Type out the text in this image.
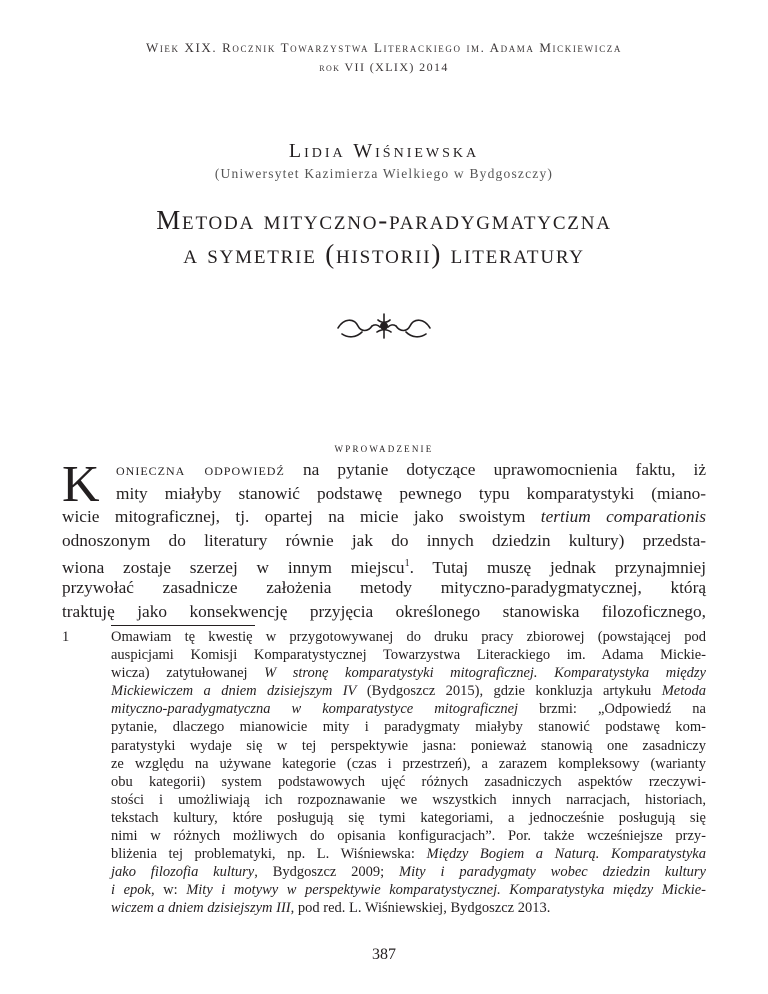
Wiek XIX. Rocznik Towarzystwa Literackiego im. Adama Mickiewicza
rok VII (XLIX) 2014
Lidia Wiśniewska
(Uniwersytet Kazimierza Wielkiego w Bydgoszczy)
Metoda mityczno-paradygmatyczna
a symetrie (historii) literatury
wprowadzenie
K onieczna odpowiedź na pytanie dotyczące uprawomocnienia faktu, iż
mity miałyby stanowić podstawę pewnego typu komparatystyki (miano-
wicie mitograficznej, tj. opartej na micie jako swoistym tertium comparationis
odnoszonym do literatury równie jak do innych dziedzin kultury) przedsta-
wiona zostaje szerzej w innym miejscu$^1$. Tutaj muszę jednak przynajmniej
przywołać zasadnicze założenia metody mityczno-paradygmatycznej, którą
traktuję jako konsekwencję przyjęcia określonego stanowiska filozoficznego,
1	Omawiam tę kwestię w przygotowywanej do druku pracy zbiorowej (powstającej pod
auspicjami Komisji Komparatystycznej Towarzystwa Literackiego im. Adama Mickie-
wicza) zatytułowanej W stronę komparatystyki mitograficznej. Komparatystyka między
Mickiewiczem a dniem dzisiejszym IV (Bydgoszcz 2015), gdzie konkluzja artykułu Metoda
mityczno-paradygmatyczna w komparatystyce mitograficznej brzmi: „Odpowiedź na
pytanie, dlaczego mianowicie mity i paradygmaty miałyby stanowić podstawę kom-
paratystyki wydaje się w tej perspektywie jasna: ponieważ stanowią one zasadniczy
ze względu na używane kategorie (czas i przestrzeń), a zarazem kompleksowy (warianty
obu kategorii) system podstawowych ujęć różnych zasadniczych aspektów rzeczywi-
stości i umożliwiają ich rozpoznawanie we wszystkich innych narracjach, historiach,
tekstach kultury, które posługują się tymi kategoriami, a jednocześnie posługują się
nimi w różnych możliwych do opisania konfiguracjach”. Por. także wcześniejsze przy-
bliżenia tej problematyki, np. L. Wiśniewska: Między Bogiem a Naturą. Komparatystyka
jako filozofia kultury, Bydgoszcz 2009; Mity i paradygmaty wobec dziedzin kultury
i epok, w: Mity i motywy w perspektywie komparatystycznej. Komparatystyka między Mickie-
wiczem a dniem dzisiejszym III, pod red. L. Wiśniewskiej, Bydgoszcz 2013.
387
